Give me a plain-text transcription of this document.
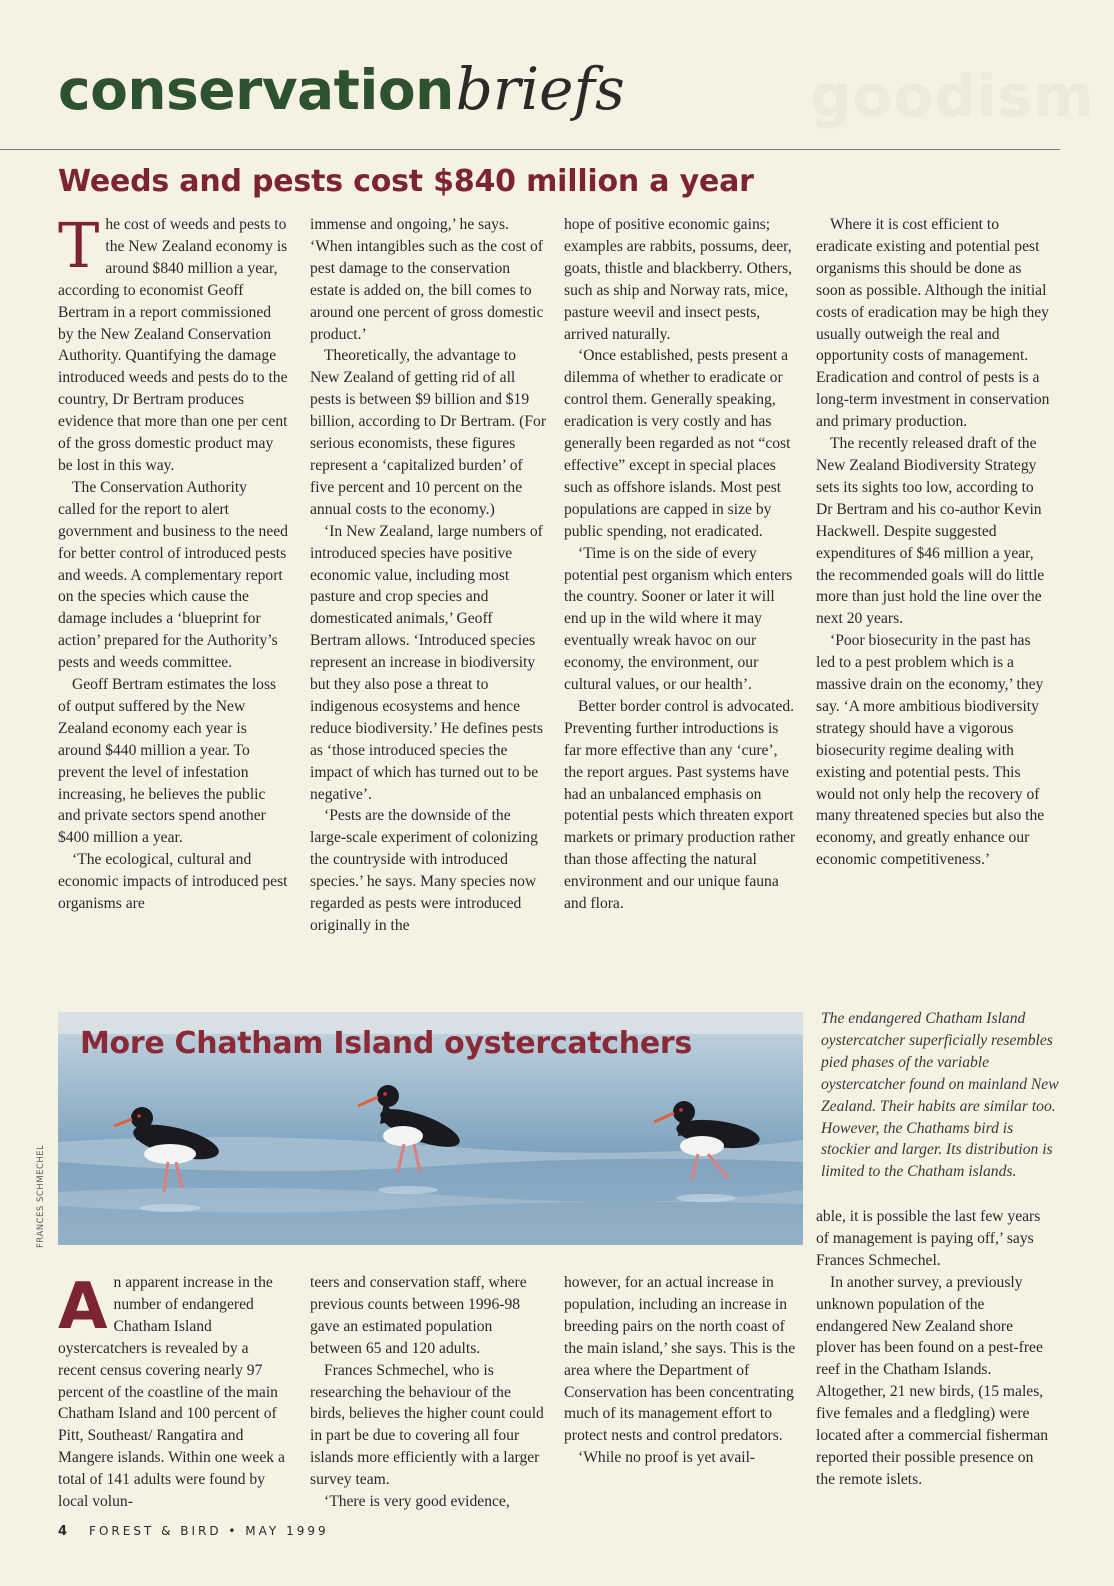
goodism
conservationbriefs
Weeds and pests cost $840 million a year

The cost of weeds and pests to the New Zealand economy is around $840 million a year, according to economist Geoff Bertram in a report commissioned by the New Zealand Conservation Authority. Quantifying the damage introduced weeds and pests do to the country, Dr Bertram produces evidence that more than one per cent of the gross domestic product may be lost in this way.

The Conservation Authority called for the report to alert government and business to the need for better control of introduced pests and weeds. A complementary report on the species which cause the damage includes a ‘blueprint for action’ prepared for the Authority’s pests and weeds committee.

Geoff Bertram estimates the loss of output suffered by the New Zealand economy each year is around $440 million a year. To prevent the level of infestation increasing, he believes the public and private sectors spend another $400 million a year.

‘The ecological, cultural and economic impacts of introduced pest organisms are

immense and ongoing,’ he says. ‘When intangibles such as the cost of pest damage to the conservation estate is added on, the bill comes to around one percent of gross domestic product.’

Theoretically, the advantage to New Zealand of getting rid of all pests is between $9 billion and $19 billion, according to Dr Bertram. (For serious economists, these figures represent a ‘capitalized burden’ of five percent and 10 percent on the annual costs to the economy.)

‘In New Zealand, large numbers of introduced species have positive economic value, including most pasture and crop species and domesticated animals,’ Geoff Bertram allows. ‘Introduced species represent an increase in biodiversity but they also pose a threat to indigenous ecosystems and hence reduce biodiversity.’ He defines pests as ‘those introduced species the impact of which has turned out to be negative’.

‘Pests are the downside of the large-scale experiment of colonizing the countryside with introduced species.’ he says. Many species now regarded as pests were introduced originally in the

hope of positive economic gains; examples are rabbits, possums, deer, goats, thistle and blackberry. Others, such as ship and Norway rats, mice, pasture weevil and insect pests, arrived naturally.

‘Once established, pests present a dilemma of whether to eradicate or control them. Generally speaking, eradication is very costly and has generally been regarded as not “cost effective” except in special places such as offshore islands. Most pest populations are capped in size by public spending, not eradicated.

‘Time is on the side of every potential pest organism which enters the country. Sooner or later it will end up in the wild where it may eventually wreak havoc on our economy, the environment, our cultural values, or our health’.

Better border control is advocated. Preventing further introductions is far more effective than any ‘cure’, the report argues. Past systems have had an unbalanced emphasis on potential pests which threaten export markets or primary production rather than those affecting the natural environment and our unique fauna and flora.

Where it is cost efficient to eradicate existing and potential pest organisms this should be done as soon as possible. Although the initial costs of eradication may be high they usually outweigh the real and opportunity costs of management. Eradication and control of pests is a long-term investment in conservation and primary production.

The recently released draft of the New Zealand Biodiversity Strategy sets its sights too low, according to Dr Bertram and his co-author Kevin Hackwell. Despite suggested expenditures of $46 million a year, the recommended goals will do little more than just hold the line over the next 20 years.

‘Poor biosecurity in the past has led to a pest problem which is a massive drain on the economy,’ they say. ‘A more ambitious biodiversity strategy should have a vigorous biosecurity regime dealing with existing and potential pests. This would not only help the recovery of many threatened species but also the economy, and greatly enhance our economic competitiveness.’

More Chatham Island oystercatchers
FRANCES SCHMECHEL

The endangered Chatham Island oystercatcher superficially resembles pied phases of the variable oystercatcher found on mainland New Zealand. Their habits are similar too. However, the Chathams bird is stockier and larger. Its distribution is limited to the Chatham islands.

An apparent increase in the number of endangered Chatham Island oystercatchers is revealed by a recent census covering nearly 97 percent of the coastline of the main Chatham Island and 100 percent of Pitt, Southeast/ Rangatira and Mangere islands. Within one week a total of 141 adults were found by local volun-

teers and conservation staff, where previous counts between 1996-98 gave an estimated population between 65 and 120 adults.

Frances Schmechel, who is researching the behaviour of the birds, believes the higher count could in part be due to covering all four islands more efficiently with a larger survey team.

‘There is very good evidence,

however, for an actual increase in population, including an increase in breeding pairs on the north coast of the main island,’ she says. This is the area where the Department of Conservation has been concentrating much of its management effort to protect nests and control predators.

‘While no proof is yet avail-

able, it is possible the last few years of management is paying off,’ says Frances Schmechel.

In another survey, a previously unknown population of the endangered New Zealand shore plover has been found on a pest-free reef in the Chatham Islands. Altogether, 21 new birds, (15 males, five females and a fledgling) were located after a commercial fisherman reported their possible presence on the remote islets.

4 FOREST & BIRD • MAY 1999
